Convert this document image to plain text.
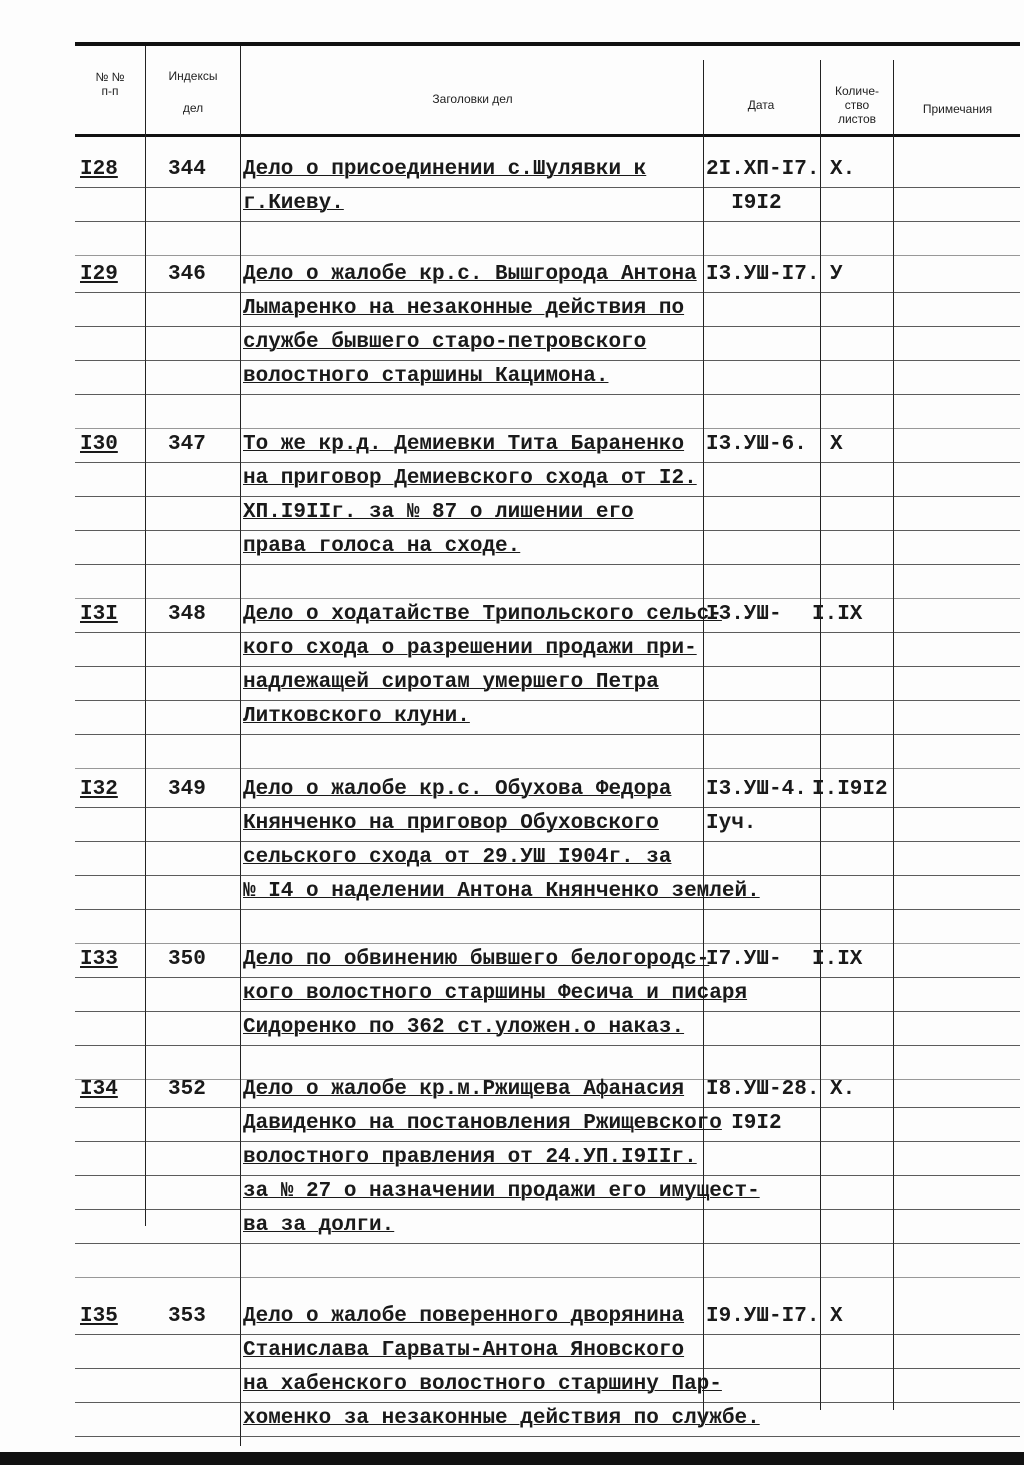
№ №
п-п
Индексы
дел
Заголовки дел	Дата
Количе-
ство
листов
Примечания
I28 344 Дело о присоединении с.Шулявки к
г.Киеву.
2I.XП-I7.
I9I2
X.
I29 346 Дело о жалобе кр.с. Вышгорода Антона
Лымаренко на незаконные действия по
службе бывшего старо-петровского
волостного старшины Кацимона.
I3.УШ-I7. У
I30 347 То же кр.д. Демиевки Тита Бараненко
на приговор Демиевского схода от I2.
ХП.I9IIг. за № 87 о лишении его
права голоса на сходе.
I3.УШ-6. X
I3I 348 Дело о ходатайстве Трипольского сельс-
кого схода о разрешении продажи при-
надлежащей сиротам умершего Петра
Литковского клуни.
I3.УШ- I.IX
I32 349 Дело о жалобе кр.с. Обухова Федора
Княнченко на приговор Обуховского
сельского схода от 29.УШ I904г. за
№ I4 о наделении Антона Княнченко землей.
I3.УШ-4.
Iуч.
I.I9I2
I33 350 Дело по обвинению бывшего белогородс-
кого волостного старшины Фесича и писаря
Сидоренко по 362 ст.уложен.о наказ.
I7.УШ- I.IX
I34 352 Дело о жалобе кр.м.Ржищева Афанасия
Давиденко на постановления Ржищевского
волостного правления от 24.УП.I9IIг.
за № 27 о назначении продажи его имущест-
ва за долги.
I8.УШ-28.
I9I2
X.
I35 353 Дело о жалобе поверенного дворянина
Станислава Гарваты-Антона Яновского
на хабенского волостного старшину Пар-
хоменко за незаконные действия по службе.
I9.УШ-I7. X
